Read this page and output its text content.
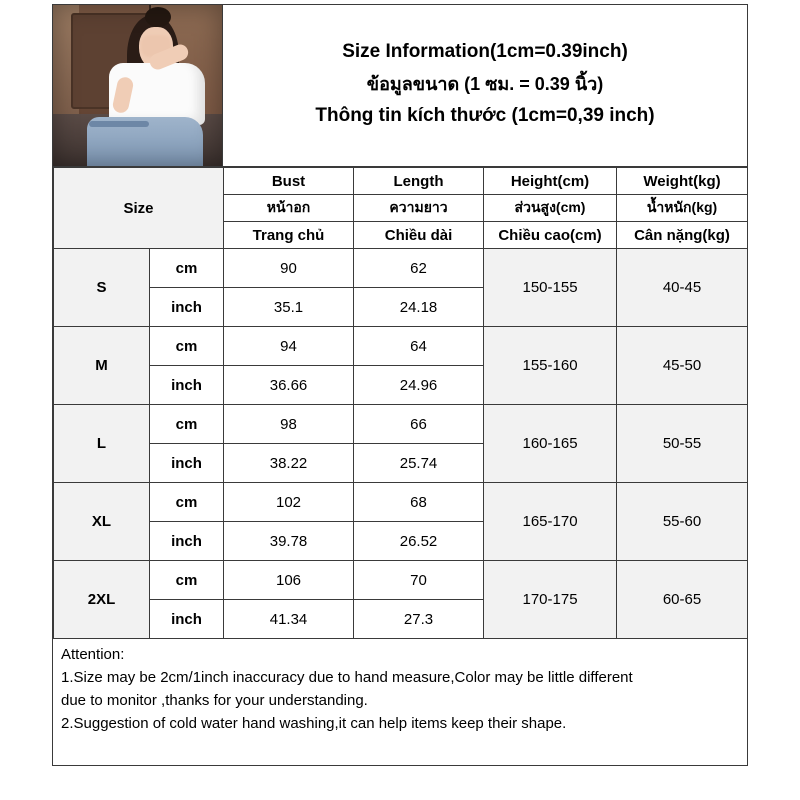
Size Information(1cm=0.39inch)
ข้อมูลขนาด (1 ซม. = 0.39 นิ้ว)
Thông tin kích thước (1cm=0,39 inch)
Size		Bust	Length	Height(cm)	Weight(kg)
		หน้าอก	ความยาว	ส่วนสูง(cm)	น้ำหนัก(kg)
		Trang chủ	Chiều dài	Chiều cao(cm)	Cân nặng(kg)
S	cm	90	62	150-155	40-45
	inch	35.1	24.18		
M	cm	94	64	155-160	45-50
	inch	36.66	24.96		
L	cm	98	66	160-165	50-55
	inch	38.22	25.74		
XL	cm	102	68	165-170	55-60
	inch	39.78	26.52		
2XL	cm	106	70	170-175	60-65
	inch	41.34	27.3		
Attention:
1.Size may be 2cm/1inch inaccuracy due to hand measure,Color may be little different
due to monitor ,thanks for your understanding.
2.Suggestion of cold water hand washing,it can help items keep their shape.
